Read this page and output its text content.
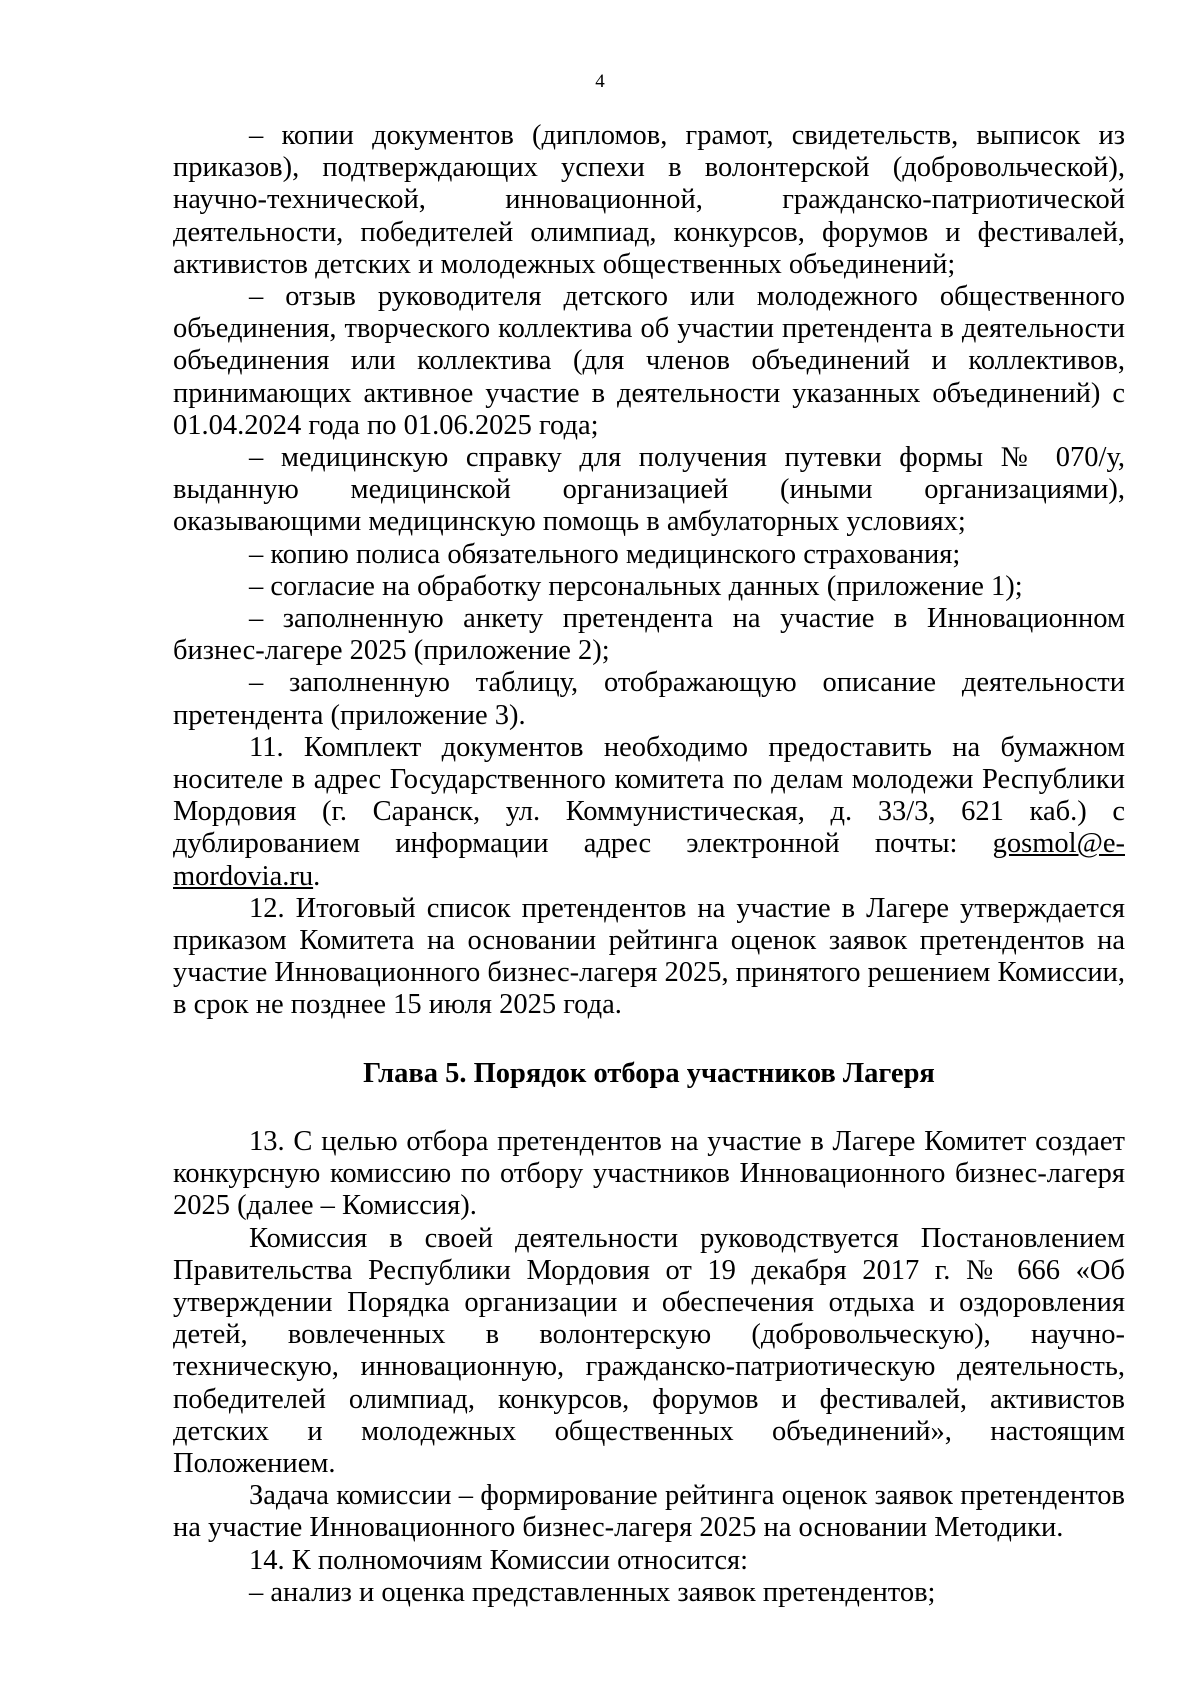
4

– копии документов (дипломов, грамот, свидетельств, выписок из приказов), подтверждающих успехи в волонтерской (добровольческой), научно-технической, инновационной, гражданско-патриотической деятельности, победителей олимпиад, конкурсов, форумов и фестивалей, активистов детских и молодежных общественных объединений;

– отзыв руководителя детского или молодежного общественного объединения, творческого коллектива об участии претендента в деятельности объединения или коллектива (для членов объединений и коллективов, принимающих активное участие в деятельности указанных объединений) с 01.04.2024 года по 01.06.2025 года;

– медицинскую справку для получения путевки формы № 070/у, выданную медицинской организацией (иными организациями), оказывающими медицинскую помощь в амбулаторных условиях;

– копию полиса обязательного медицинского страхования;

– согласие на обработку персональных данных (приложение 1);

– заполненную анкету претендента на участие в Инновационном бизнес-лагере 2025 (приложение 2);

– заполненную таблицу, отображающую описание деятельности претендента (приложение 3).

11. Комплект документов необходимо предоставить на бумажном носителе в адрес Государственного комитета по делам молодежи Республики Мордовия (г. Саранск, ул. Коммунистическая, д. 33/3, 621 каб.) с дублированием информации адрес электронной почты: gosmol@e-mordovia.ru.

12. Итоговый список претендентов на участие в Лагере утверждается приказом Комитета на основании рейтинга оценок заявок претендентов на участие Инновационного бизнес-лагеря 2025, принятого решением Комиссии, в срок не позднее 15 июля 2025 года.

Глава 5. Порядок отбора участников Лагеря

13. С целью отбора претендентов на участие в Лагере Комитет создает конкурсную комиссию по отбору участников Инновационного бизнес-лагеря 2025 (далее – Комиссия).

Комиссия в своей деятельности руководствуется Постановлением Правительства Республики Мордовия от 19 декабря 2017 г. № 666 «Об утверждении Порядка организации и обеспечения отдыха и оздоровления детей, вовлеченных в волонтерскую (добровольческую), научно-техническую, инновационную, гражданско-патриотическую деятельность, победителей олимпиад, конкурсов, форумов и фестивалей, активистов детских и молодежных общественных объединений», настоящим Положением.

Задача комиссии – формирование рейтинга оценок заявок претендентов на участие Инновационного бизнес-лагеря 2025 на основании Методики.

14. К полномочиям Комиссии относится:

– анализ и оценка представленных заявок претендентов;
